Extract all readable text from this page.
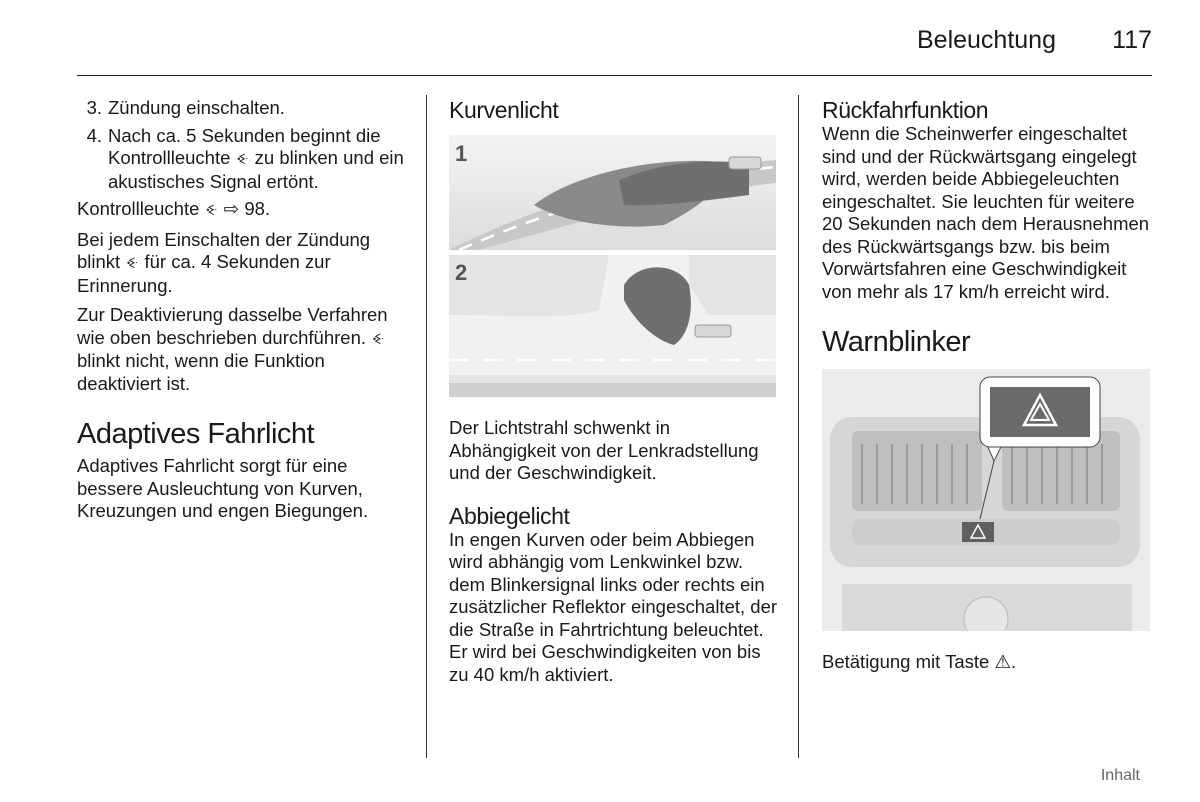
Beleuchtung 117
3. Zündung einschalten.
4. Nach ca. 5 Sekunden beginnt die Kontrollleuchte ꔾ zu blinken und ein akustisches Signal ertönt.
Kontrollleuchte ꔾ ⇨ 98.
Bei jedem Einschalten der Zündung blinkt ꔾ für ca. 4 Sekunden zur Erinnerung.
Zur Deaktivierung dasselbe Verfahren wie oben beschrieben durchführen. ꔾ blinkt nicht, wenn die Funktion deaktiviert ist.
Adaptives Fahrlicht
Adaptives Fahrlicht sorgt für eine bessere Ausleuchtung von Kurven, Kreuzungen und engen Biegungen.
Kurvenlicht
1
2
Der Lichtstrahl schwenkt in Abhängigkeit von der Lenkradstellung und der Geschwindigkeit.
Abbiegelicht
In engen Kurven oder beim Abbiegen wird abhängig vom Lenkwinkel bzw. dem Blinkersignal links oder rechts ein zusätzlicher Reflektor eingeschaltet, der die Straße in Fahrtrichtung beleuchtet. Er wird bei Geschwindigkeiten von bis zu 40 km/h aktiviert.
Rückfahrfunktion
Wenn die Scheinwerfer eingeschaltet sind und der Rückwärtsgang eingelegt wird, werden beide Abbiegeleuchten eingeschaltet. Sie leuchten für weitere 20 Sekunden nach dem Herausnehmen des Rückwärtsgangs bzw. bis beim Vorwärtsfahren eine Geschwindigkeit von mehr als 17 km/h erreicht wird.
Warnblinker
Betätigung mit Taste ⚠.
Inhalt
